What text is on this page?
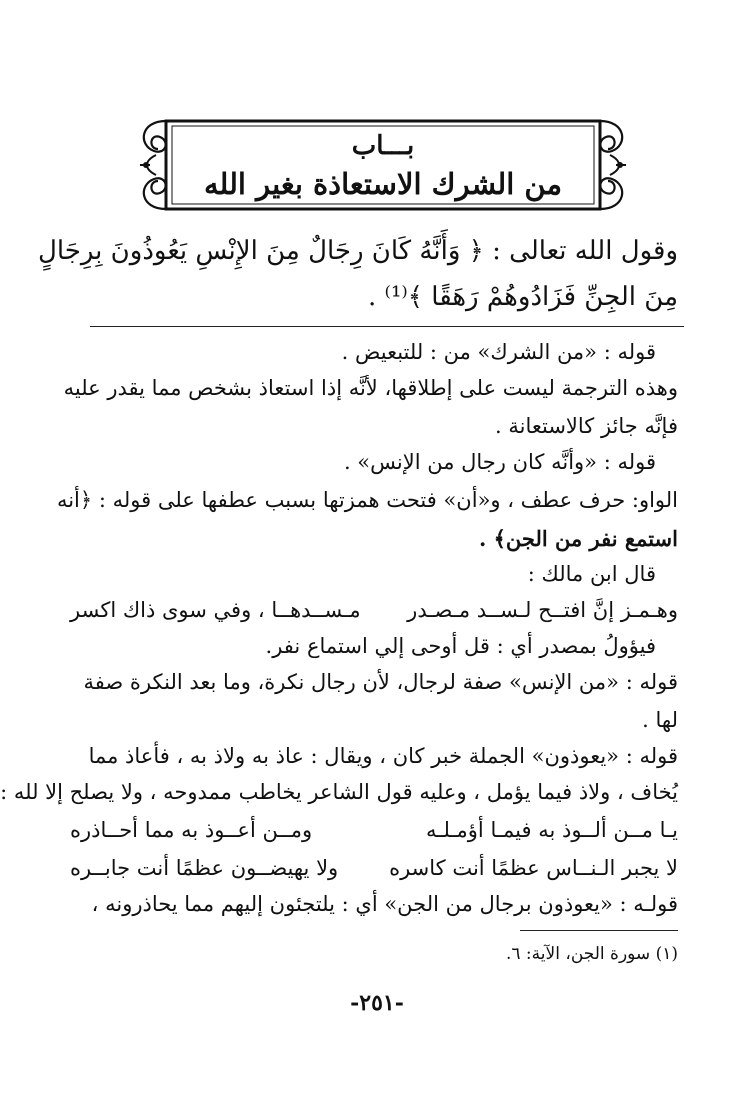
بـــاب
من الشرك الاستعاذة بغير الله
وقول الله تعالى : ﴿ وَأَنَّهُ كَانَ رِجَالٌ مِنَ الإِنْسِ يَعُوذُونَ بِرِجَالٍ
مِنَ الجِنِّ فَزَادُوهُمْ رَهَقًا ﴾⁽¹⁾ .
قوله : «من الشرك» من : للتبعيض .
وهذه الترجمة ليست على إطلاقها، لأنَّه إذا استعاذ بشخص مما يقدر عليه
فإنَّه جائز كالاستعانة .
قوله : «وأنَّه كان رجال من الإنس» .
الواو: حرف عطف ، و«أن» فتحت همزتها بسبب عطفها على قوله : ﴿أنه
استمع نفر من الجن﴾ .
قال ابن مالك :
وهـمـز إنَّ افتــح لـســد مـصـدر
مـســدهــا ، وفي سوى ذاك اكسر
فيؤولُ بمصدر أي : قل أوحى إلي استماع نفر.
قوله : «من الإنس» صفة لرجال، لأن رجال نكرة، وما بعد النكرة صفة
لها .
قوله : «يعوذون» الجملة خبر كان ، ويقال : عاذ به ولاذ به ، فأعاذ مما
يُخاف ، ولاذ فيما يؤمل ، وعليه قول الشاعر يخاطب ممدوحه ، ولا يصلح إلا لله :
يـا مــن ألــوذ به فيمـا أؤمـلـه
ومــن أعــوذ به مما أحــاذره
لا يجبر الـنــاس عظمًا أنت كاسره
ولا يهيضــون عظمًا أنت جابــره
قولـه : «يعوذون برجال من الجن» أي : يلتجئون إليهم مما يحاذرونه ،
(١) سورة الجن، الآية: ٦.
-٢٥١-
